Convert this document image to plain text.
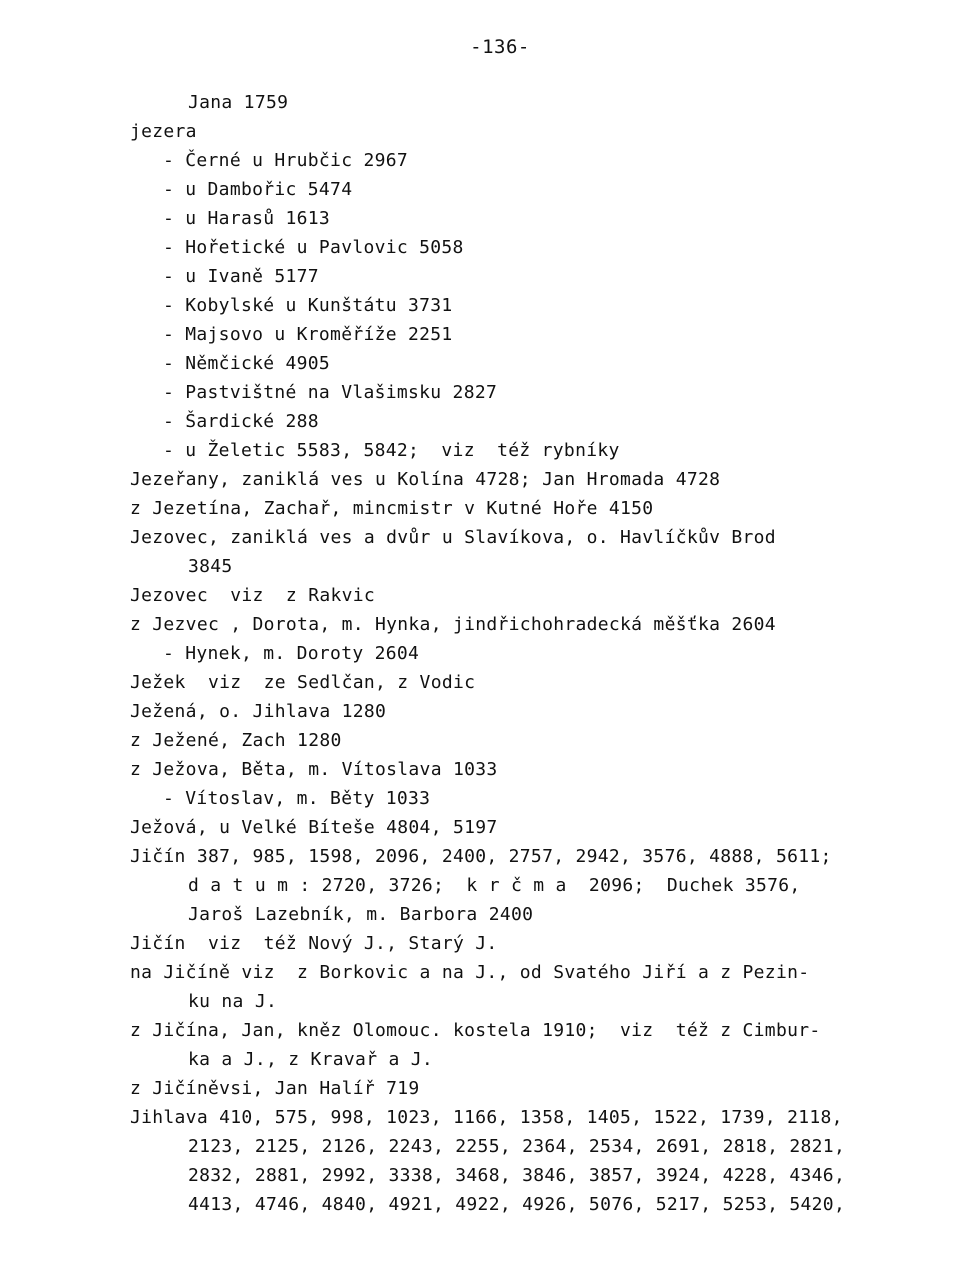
-136-
Jana 1759
jezera
- Černé u Hrubčic 2967
- u Dambořic 5474
- u Harasů 1613
- Hořetické u Pavlovic 5058
- u Ivaně 5177
- Kobylské u Kunštátu 3731
- Majsovo u Kroměříže 2251
- Němčické 4905
- Pastvištné na Vlašimsku 2827
- Šardické 288
- u Želetic 5583, 5842;  viz  též rybníky
Jezeřany, zaniklá ves u Kolína 4728; Jan Hromada 4728
z Jezetína, Zachař, mincmistr v Kutné Hoře 4150
Jezovec, zaniklá ves a dvůr u Slavíkova, o. Havlíčkův Brod
3845
Jezovec  viz  z Rakvic
z Jezvec , Dorota, m. Hynka, jindřichohradecká měšťka 2604
- Hynek, m. Doroty 2604
Ježek  viz  ze Sedlčan, z Vodic
Ježená, o. Jihlava 1280
z Ježené, Zach 1280
z Ježova, Běta, m. Vítoslava 1033
- Vítoslav, m. Běty 1033
Ježová, u Velké Bíteše 4804, 5197
Jičín 387, 985, 1598, 2096, 2400, 2757, 2942, 3576, 4888, 5611;
d a t u m : 2720, 3726;  k r č m a  2096;  Duchek 3576,
Jaroš Lazebník, m. Barbora 2400
Jičín  viz  též Nový J., Starý J.
na Jičíně viz  z Borkovic a na J., od Svatého Jiří a z Pezin-
ku na J.
z Jičína, Jan, kněz Olomouc. kostela 1910;  viz  též z Cimbur-
ka a J., z Kravař a J.
z Jičíněvsi, Jan Halíř 719
Jihlava 410, 575, 998, 1023, 1166, 1358, 1405, 1522, 1739, 2118,
2123, 2125, 2126, 2243, 2255, 2364, 2534, 2691, 2818, 2821,
2832, 2881, 2992, 3338, 3468, 3846, 3857, 3924, 4228, 4346,
4413, 4746, 4840, 4921, 4922, 4926, 5076, 5217, 5253, 5420,
